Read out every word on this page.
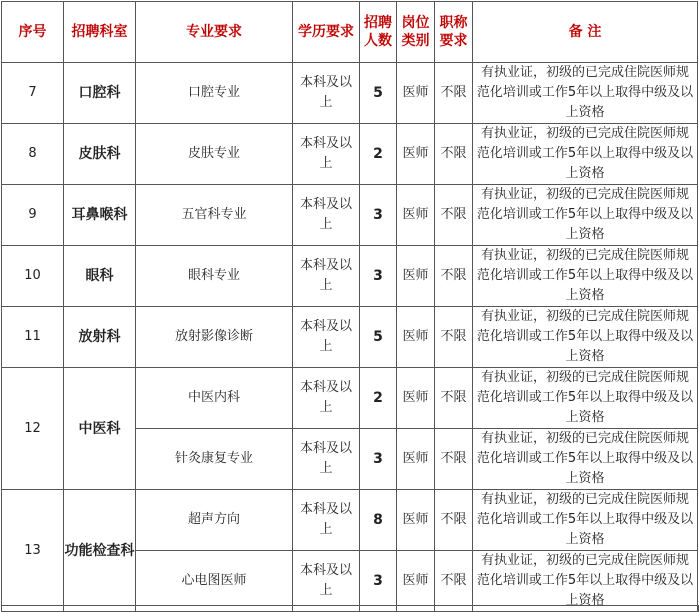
序号	招聘科室	专业要求	学历要求	招聘人数	岗位类别	职称要求	备 注
7	口腔科	口腔专业	本科及以上	5	医师	不限	有执业证，初级的已完成住院医师规范化培训或工作5年以上取得中级及以上资格
8	皮肤科	皮肤专业	本科及以上	2	医师	不限	有执业证，初级的已完成住院医师规范化培训或工作5年以上取得中级及以上资格
9	耳鼻喉科	五官科专业	本科及以上	3	医师	不限	有执业证，初级的已完成住院医师规范化培训或工作5年以上取得中级及以上资格
10	眼科	眼科专业	本科及以上	3	医师	不限	有执业证，初级的已完成住院医师规范化培训或工作5年以上取得中级及以上资格
11	放射科	放射影像诊断	本科及以上	5	医师	不限	有执业证，初级的已完成住院医师规范化培训或工作5年以上取得中级及以上资格
12	中医科	中医内科	本科及以上	2	医师	不限	有执业证，初级的已完成住院医师规范化培训或工作5年以上取得中级及以上资格
		针灸康复专业	本科及以上	3	医师	不限	有执业证，初级的已完成住院医师规范化培训或工作5年以上取得中级及以上资格
13	功能检查科	超声方向	本科及以上	8	医师	不限	有执业证，初级的已完成住院医师规范化培训或工作5年以上取得中级及以上资格
		心电图医师	本科及以上	3	医师	不限	有执业证，初级的已完成住院医师规范化培训或工作5年以上取得中级及以上资格
